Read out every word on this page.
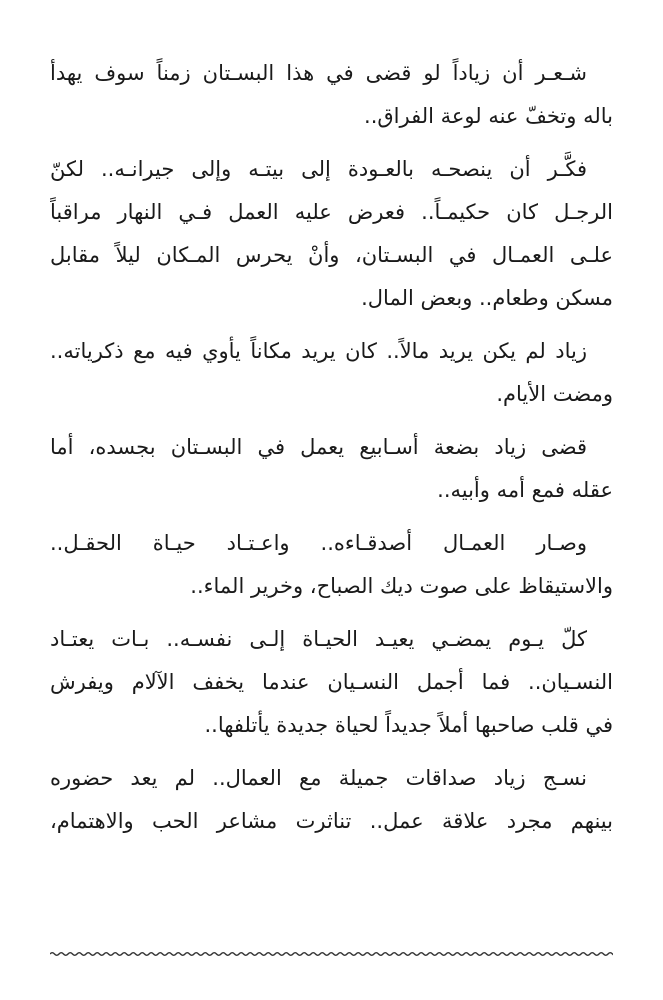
شـعـر أن زياداً لو قضى في هذا البسـتان زمناً سوف يهدأ
باله وتخفّ عنه لوعة الفراق..
فكَّـر أن ينصحـه بالعـودة إلى بيتـه وإلى جيرانـه.. لكنّ
الرجـل كان حكيمـاً.. فعرض عليه العمل فـي النهار مراقباً
علـى العمـال في البسـتان، وأنْ يحرس المـكان ليلاً مقابل
مسكن وطعام.. وبعض المال.
زياد لم يكن يريد مالاً.. كان يريد مكاناً يأوي فيه مع ذكرياته..
ومضت الأيام.
قضى زياد بضعة أسـابيع يعمل في البسـتان بجسده، أما
عقله فمع أمه وأبيه..
وصـار العمـال أصدقـاءه.. واعـتـاد حيـاة الحقـل..
والاستيقاظ على صوت ديك الصباح، وخرير الماء..
كلّ يـوم يمضـي يعيـد الحيـاة إلـى نفسـه.. بـات يعتـاد
النسـيان.. فما أجمل النسـيان عندما يخفف الآلام ويفرش
في قلب صاحبها أملاً جديداً لحياة جديدة يأتلفها..
نسـج زياد صداقات جميلة مع العمال.. لم يعد حضوره
بينهم مجرد علاقة عمل.. تناثرت مشاعر الحب والاهتمام،
